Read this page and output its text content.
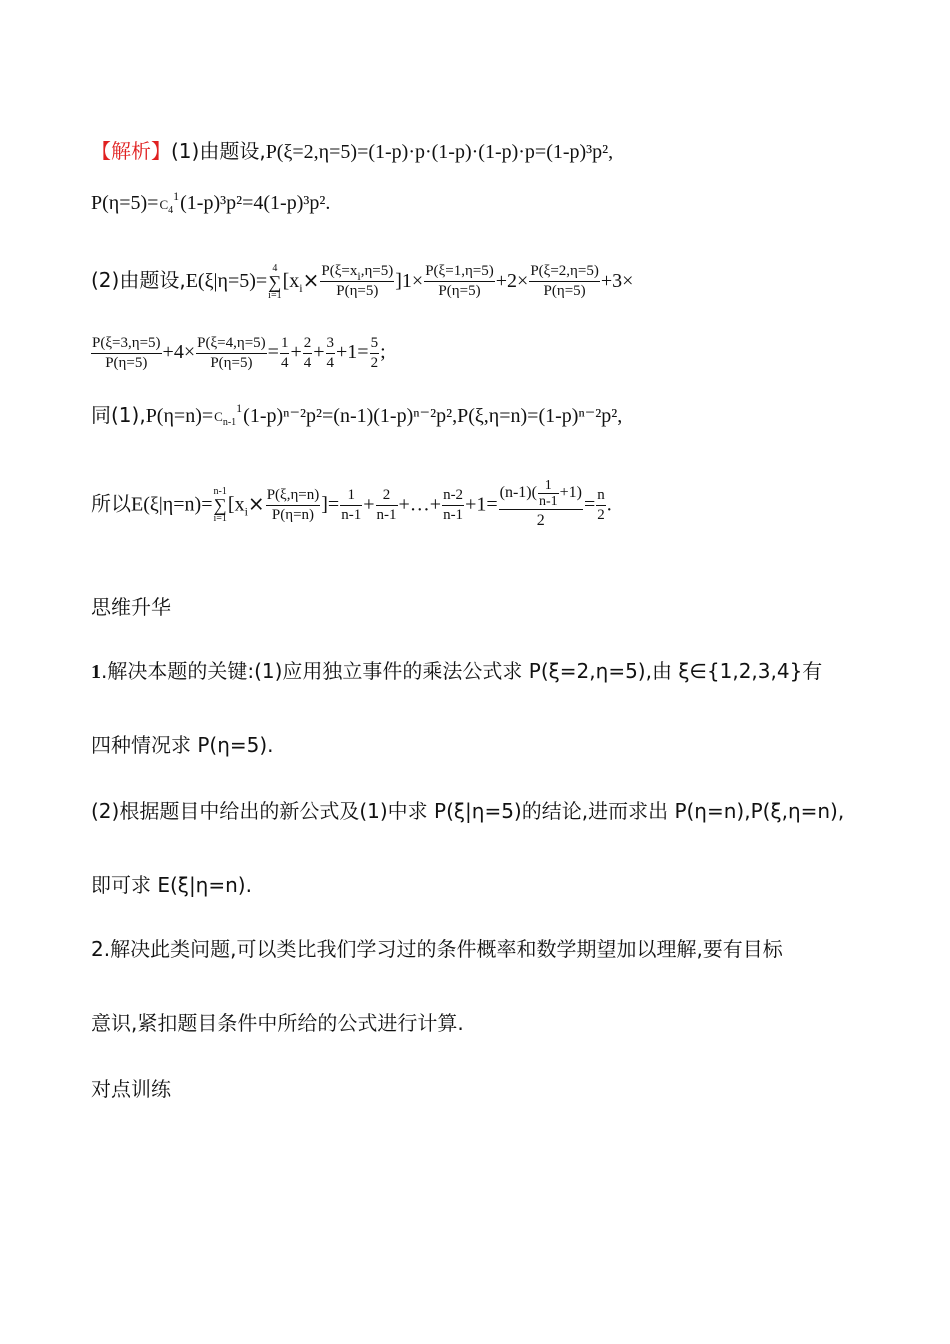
【解析】(1)由题设,P(ξ=2,η=5)=(1-p)·p·(1-p)·(1-p)·p=(1-p)³p²,
$P(\eta=5)=C_4^1(1-p)^3p^2=4(1-p)^3p^2$.
(2)由题设,E(ξ|η=5)=
4
∑
i=1
$[x_i\times \frac{P(\xi=x_i,\eta=5)}{P(\eta=5)} ]1\times \frac{P(\xi=1,\eta=5)}{P(\eta=5)} +2\times \frac{P(\xi=2,\eta=5)}{P(\eta=5)} +3\times$
$\frac{P(\xi=3,\eta=5)}{P(\eta=5)} +4\times \frac{P(\xi=4,\eta=5)}{P(\eta=5)} = \frac{1}{4} + \frac{2}{4} + \frac{3}{4} +1= \frac{5}{2}$ ;
同$(1),P(\eta=n)=C_{n-1}^1(1-p)^{n-2}p^2=(n-1)(1-p)^{n-2}p^2,P(\xi,\eta=n)=(1-p)^{n-2}p^2$,
所以E(ξ|η=n)=
n-1
∑
i=1
[$x_i\times \frac{P(\xi,\eta=n)}{P(\eta=n)}$ ]= $\frac{1}{n-1} + \frac{2}{n-1}$ +…+ $\frac{n-2}{n-1} +1= \frac{(n-1)( \frac{1}{n-1} +1)}{2} = \frac{n}{2}$ .
思维升华
1.解决本题的关键:(1)应用独立事件的乘法公式求 P(ξ=2,η=5),由 ξ∈{1,2,3,4}有
四种情况求 P(η=5).
(2)根据题目中给出的新公式及(1)中求 P(ξ|η=5)的结论,进而求出 P(η=n),P(ξ,η=n),
即可求 E(ξ|η=n).
2.解决此类问题,可以类比我们学习过的条件概率和数学期望加以理解,要有目标
意识,紧扣题目条件中所给的公式进行计算.
对点训练
